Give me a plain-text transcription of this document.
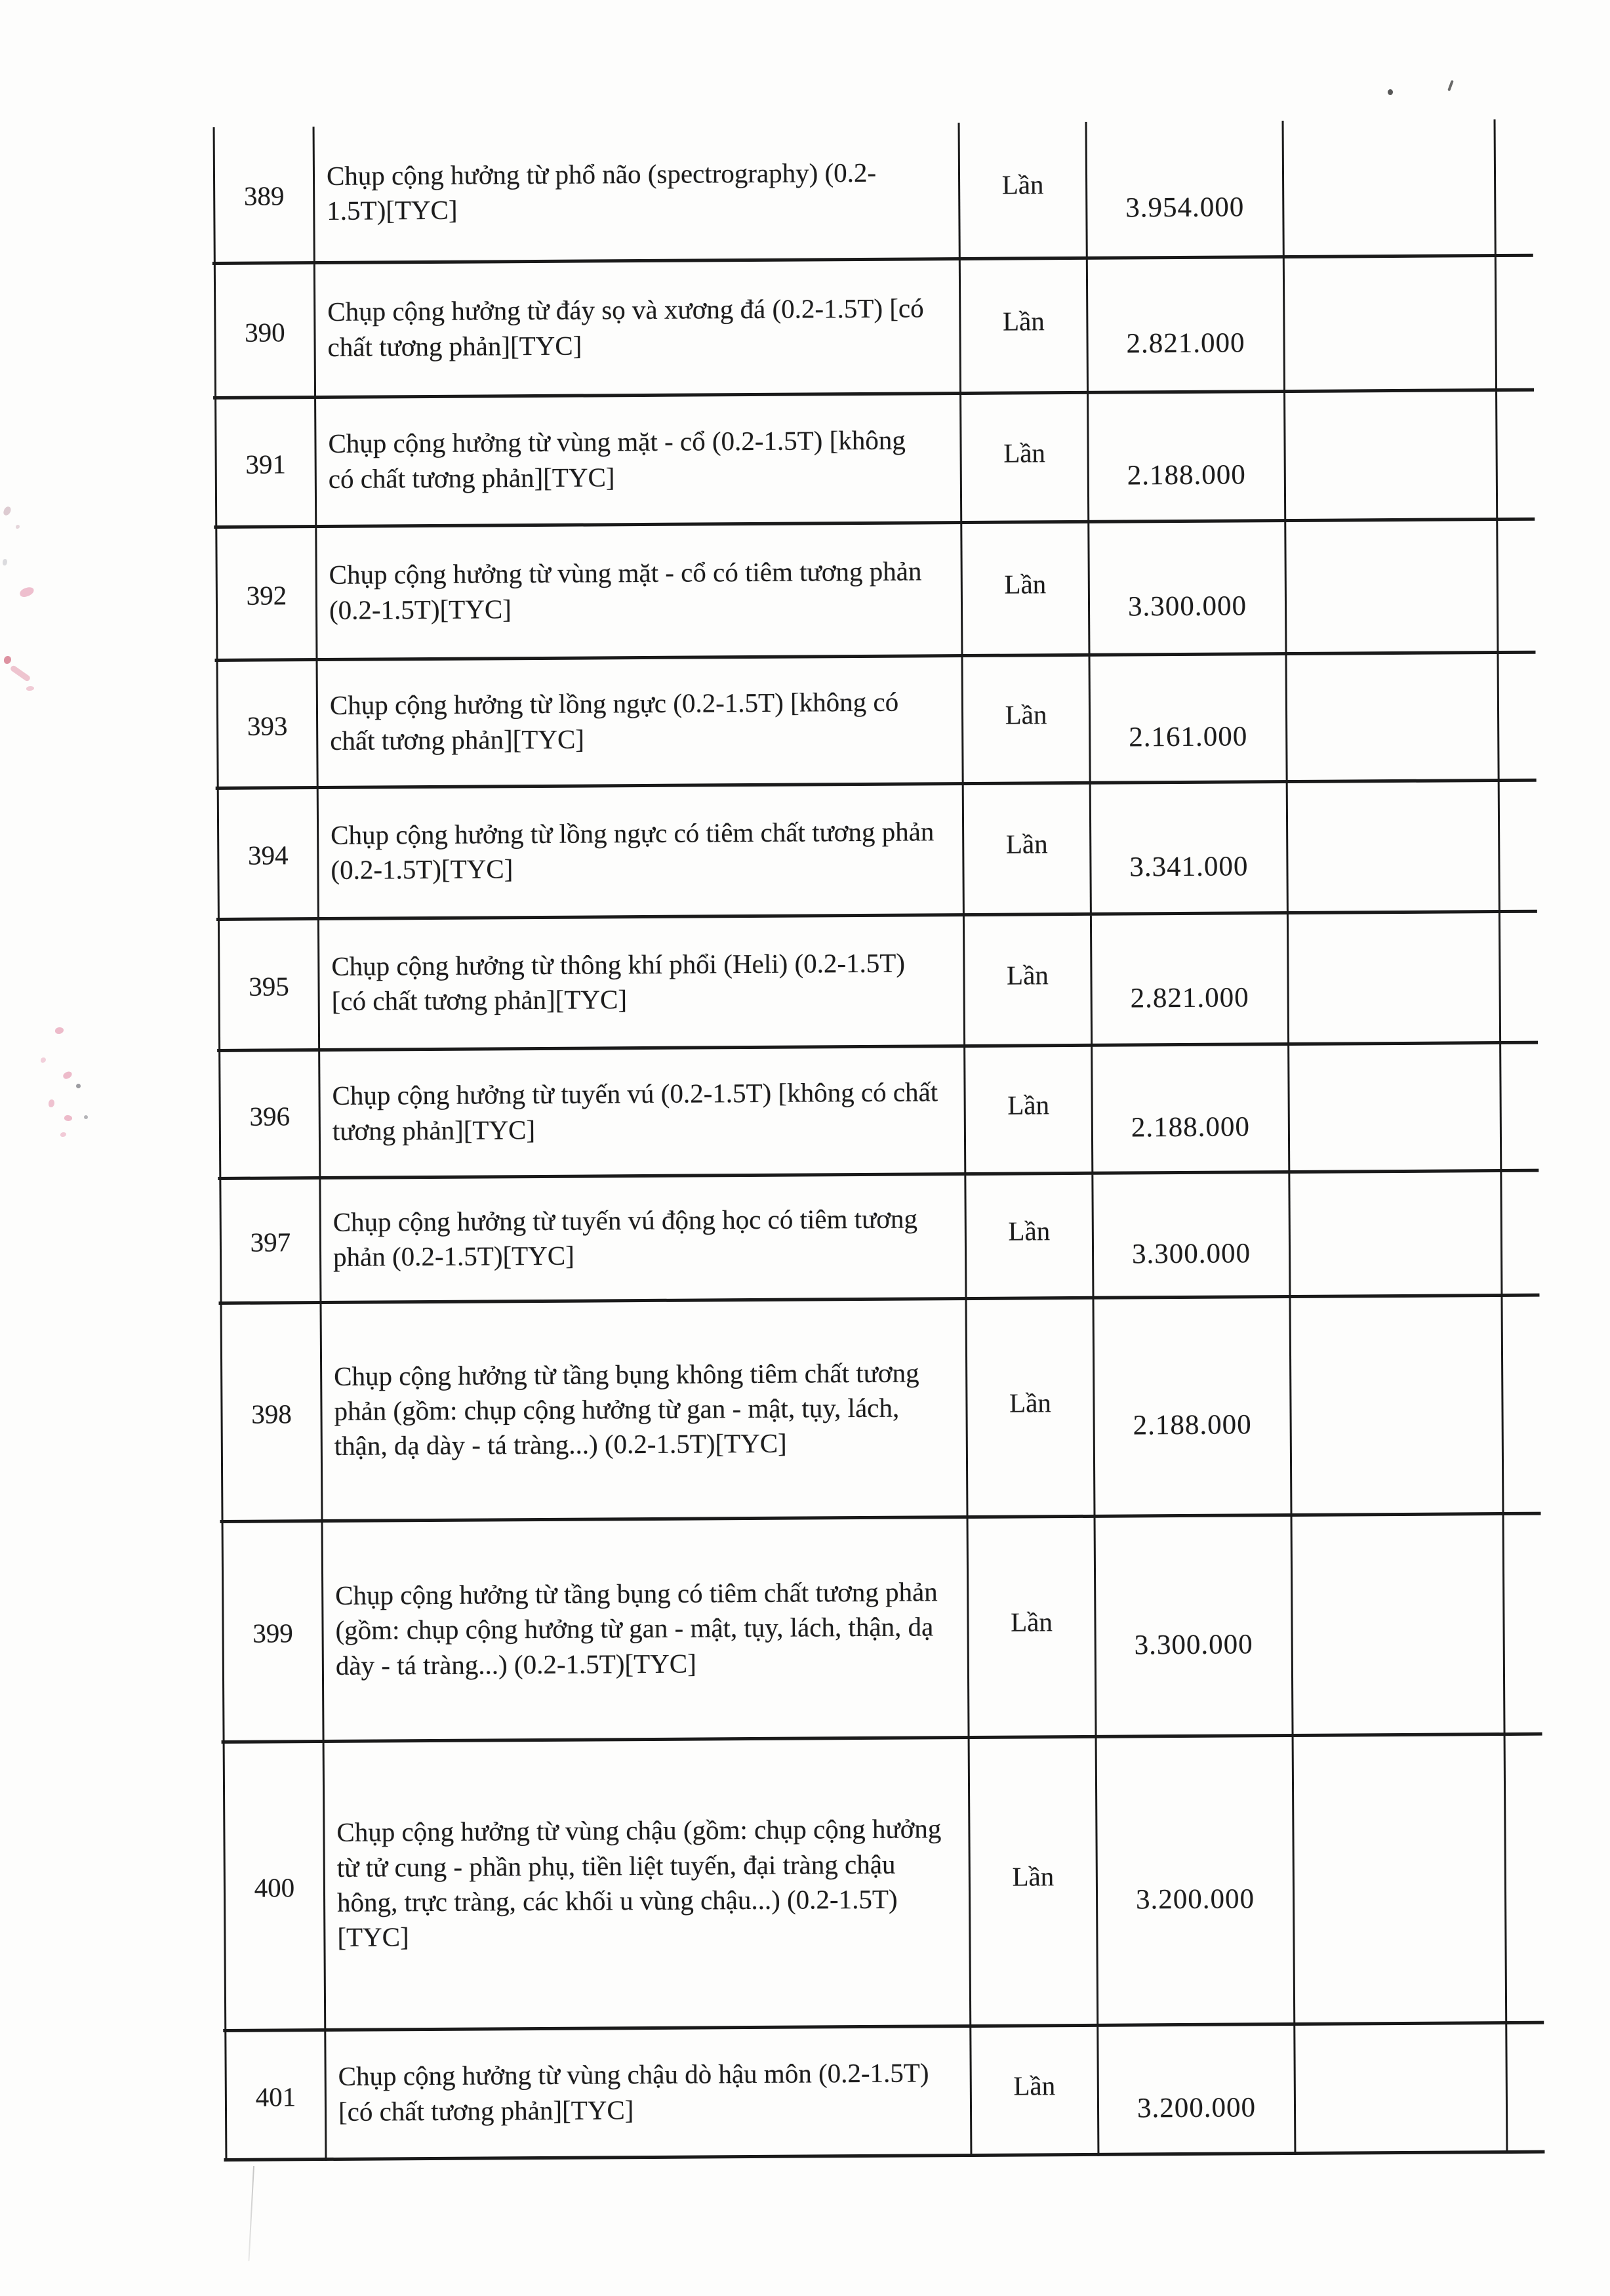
389
Chụp cộng hưởng từ phổ não (spectrography) (0.2-1.5T)[TYC]
Lần
3.954.000
390
Chụp cộng hưởng từ đáy sọ và xương đá (0.2-1.5T) [có chất tương phản][TYC]
Lần
2.821.000
391
Chụp cộng hưởng từ vùng mặt - cổ (0.2-1.5T) [không có chất tương phản][TYC]
Lần
2.188.000
392
Chụp cộng hưởng từ vùng mặt - cổ có tiêm tương phản (0.2-1.5T)[TYC]
Lần
3.300.000
393
Chụp cộng hưởng từ lồng ngực (0.2-1.5T) [không có chất tương phản][TYC]
Lần
2.161.000
394
Chụp cộng hưởng từ lồng ngực có tiêm chất tương phản (0.2-1.5T)[TYC]
Lần
3.341.000
395
Chụp cộng hưởng từ thông khí phổi (Heli) (0.2-1.5T) [có chất tương phản][TYC]
Lần
2.821.000
396
Chụp cộng hưởng từ tuyến vú (0.2-1.5T) [không có chất tương phản][TYC]
Lần
2.188.000
397
Chụp cộng hưởng từ tuyến vú động học có tiêm tương phản (0.2-1.5T)[TYC]
Lần
3.300.000
398
Chụp cộng hưởng từ tầng bụng không tiêm chất tương phản (gồm: chụp cộng hưởng từ gan - mật, tụy, lách, thận, dạ dày - tá tràng...) (0.2-1.5T)[TYC]
Lần
2.188.000
399
Chụp cộng hưởng từ tầng bụng có tiêm chất tương phản (gồm: chụp cộng hưởng từ gan - mật, tụy, lách, thận, dạ dày - tá tràng...) (0.2-1.5T)[TYC]
Lần
3.300.000
400
Chụp cộng hưởng từ vùng chậu (gồm: chụp cộng hưởng từ tử cung - phần phụ, tiền liệt tuyến, đại tràng chậu hông, trực tràng, các khối u vùng chậu...) (0.2-1.5T)[TYC]
Lần
3.200.000
401
Chụp cộng hưởng từ vùng chậu dò hậu môn (0.2-1.5T) [có chất tương phản][TYC]
Lần
3.200.000
